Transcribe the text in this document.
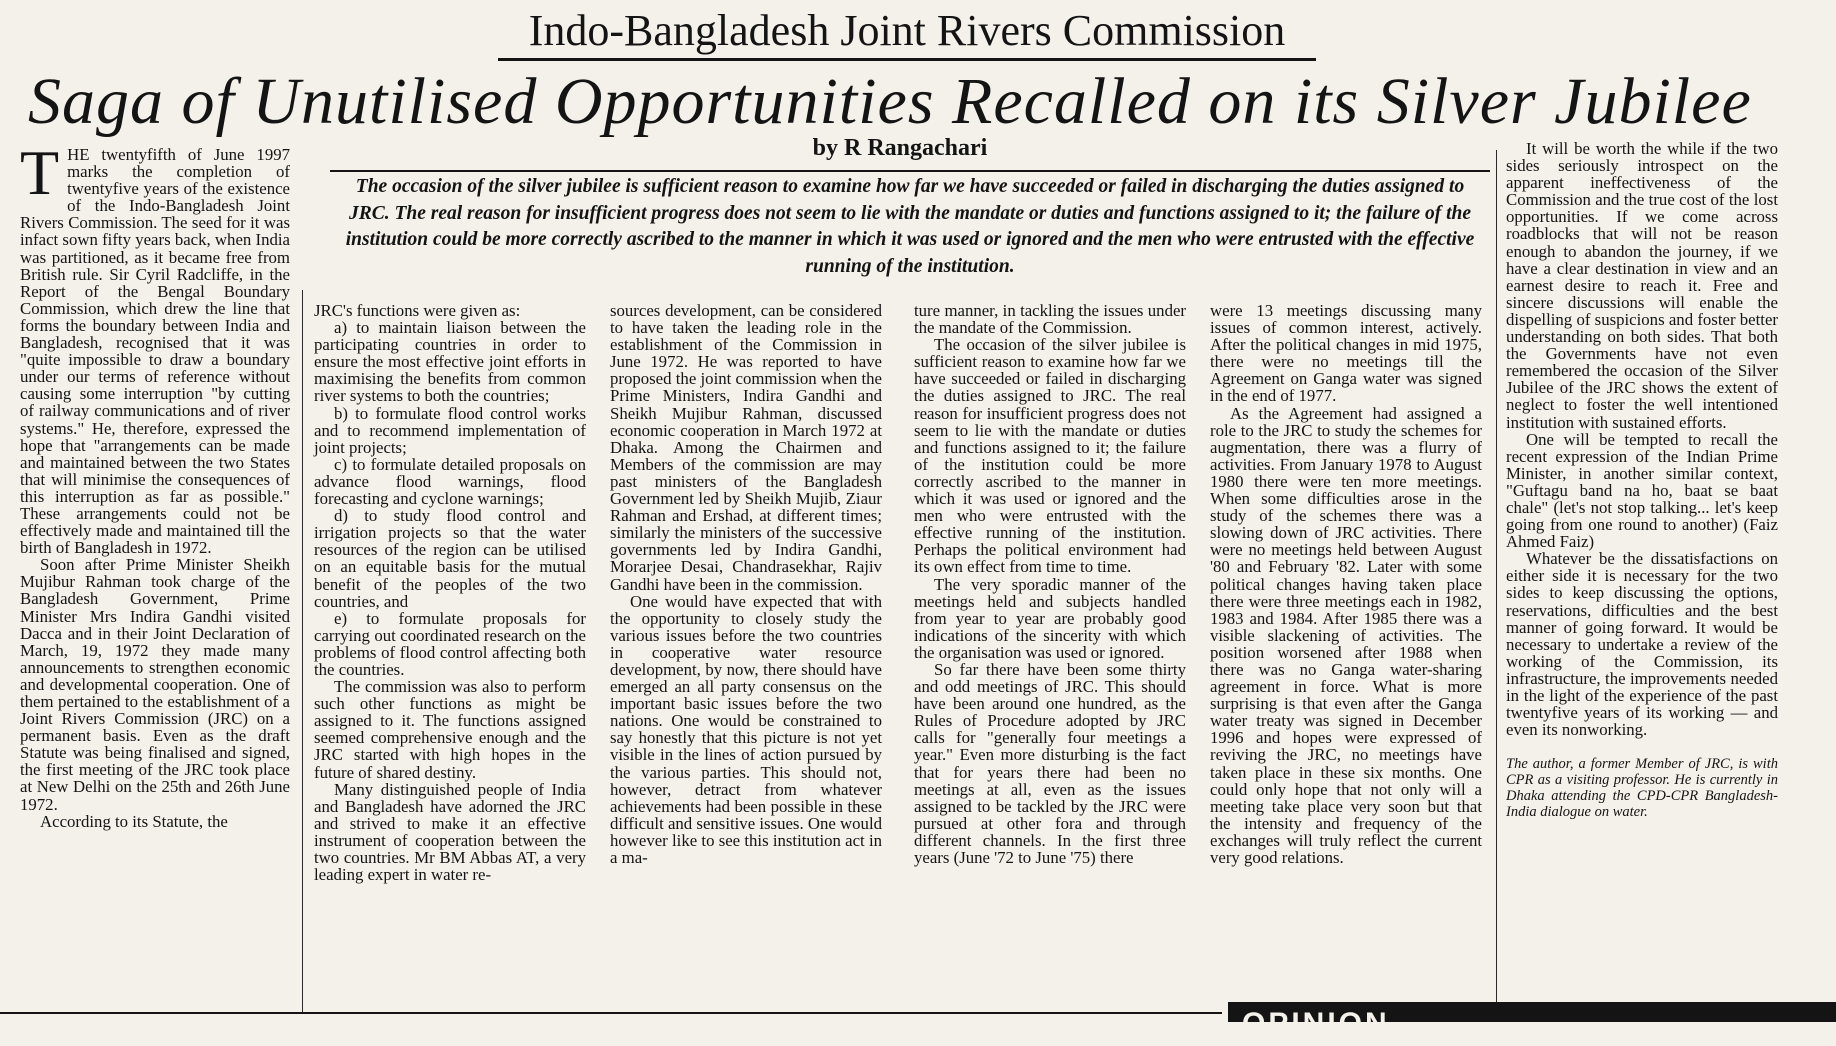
Indo-Bangladesh Joint Rivers Commission
Saga of Unutilised Opportunities Recalled on its Silver Jubilee
by R Rangachari
The occasion of the silver jubilee is sufficient reason to examine how far we have succeeded or failed in discharging the duties assigned to JRC. The real reason for insufficient progress does not seem to lie with the mandate or duties and functions assigned to it; the failure of the institution could be more correctly ascribed to the manner in which it was used or ignored and the men who were entrusted with the effective running of the institution.
T HE twentyfifth of June 1997 marks the completion of twentyfive years of the existence of the Indo-Bangladesh Joint Rivers Commission. The seed for it was infact sown fifty years back, when India was partitioned, as it became free from British rule. Sir Cyril Radcliffe, in the Report of the Bengal Boundary Commission, which drew the line that forms the boundary between India and Bangladesh, recognised that it was "quite impossible to draw a boundary under our terms of reference without causing some interruption "by cutting of railway communications and of river systems." He, therefore, expressed the hope that "arrangements can be made and maintained between the two States that will minimise the consequences of this interruption as far as possible." These arrangements could not be effectively made and maintained till the birth of Bangladesh in 1972.

Soon after Prime Minister Sheikh Mujibur Rahman took charge of the Bangladesh Government, Prime Minister Mrs Indira Gandhi visited Dacca and in their Joint Declaration of March, 19, 1972 they made many announcements to strengthen economic and developmental cooperation. One of them pertained to the establishment of a Joint Rivers Commission (JRC) on a permanent basis. Even as the draft Statute was being finalised and signed, the first meeting of the JRC took place at New Delhi on the 25th and 26th June 1972.

According to its Statute, the

JRC's functions were given as:

a) to maintain liaison between the participating countries in order to ensure the most effective joint efforts in maximising the benefits from common river systems to both the countries;

b) to formulate flood control works and to recommend implementation of joint projects;

c) to formulate detailed proposals on advance flood warnings, flood forecasting and cyclone warnings;

d) to study flood control and irrigation projects so that the water resources of the region can be utilised on an equitable basis for the mutual benefit of the peoples of the two countries, and

e) to formulate proposals for carrying out coordinated research on the problems of flood control affecting both the countries.

The commission was also to perform such other functions as might be assigned to it. The functions assigned seemed comprehensive enough and the JRC started with high hopes in the future of shared destiny.

Many distinguished people of India and Bangladesh have adorned the JRC and strived to make it an effective instrument of cooperation between the two countries. Mr BM Abbas AT, a very leading expert in water re-

sources development, can be considered to have taken the leading role in the establishment of the Commission in June 1972. He was reported to have proposed the joint commission when the Prime Ministers, Indira Gandhi and Sheikh Mujibur Rahman, discussed economic cooperation in March 1972 at Dhaka. Among the Chairmen and Members of the commission are may past ministers of the Bangladesh Government led by Sheikh Mujib, Ziaur Rahman and Ershad, at different times; similarly the ministers of the successive governments led by Indira Gandhi, Morarjee Desai, Chandrasekhar, Rajiv Gandhi have been in the commission.

One would have expected that with the opportunity to closely study the various issues before the two countries in cooperative water resource development, by now, there should have emerged an all party consensus on the important basic issues before the two nations. One would be constrained to say honestly that this picture is not yet visible in the lines of action pursued by the various parties. This should not, however, detract from whatever achievements had been possible in these difficult and sensitive issues. One would however like to see this institution act in a ma-

ture manner, in tackling the issues under the mandate of the Commission.

The occasion of the silver jubilee is sufficient reason to examine how far we have succeeded or failed in discharging the duties assigned to JRC. The real reason for insufficient progress does not seem to lie with the mandate or duties and functions assigned to it; the failure of the institution could be more correctly ascribed to the manner in which it was used or ignored and the men who were entrusted with the effective running of the institution. Perhaps the political environment had its own effect from time to time.

The very sporadic manner of the meetings held and subjects handled from year to year are probably good indications of the sincerity with which the organisation was used or ignored.

So far there have been some thirty and odd meetings of JRC. This should have been around one hundred, as the Rules of Procedure adopted by JRC calls for "generally four meetings a year." Even more disturbing is the fact that for years there had been no meetings at all, even as the issues assigned to be tackled by the JRC were pursued at other fora and through different channels. In the first three years (June '72 to June '75) there

were 13 meetings discussing many issues of common interest, actively. After the political changes in mid 1975, there were no meetings till the Agreement on Ganga water was signed in the end of 1977.

As the Agreement had assigned a role to the JRC to study the schemes for augmentation, there was a flurry of activities. From January 1978 to August 1980 there were ten more meetings. When some difficulties arose in the study of the schemes there was a slowing down of JRC activities. There were no meetings held between August '80 and February '82. Later with some political changes having taken place there were three meetings each in 1982, 1983 and 1984. After 1985 there was a visible slackening of activities. The position worsened after 1988 when there was no Ganga water-sharing agreement in force. What is more surprising is that even after the Ganga water treaty was signed in December 1996 and hopes were expressed of reviving the JRC, no meetings have taken place in these six months. One could only hope that not only will a meeting take place very soon but that the intensity and frequency of the exchanges will truly reflect the current very good relations.

It will be worth the while if the two sides seriously introspect on the apparent ineffectiveness of the Commission and the true cost of the lost opportunities. If we come across roadblocks that will not be reason enough to abandon the journey, if we have a clear destination in view and an earnest desire to reach it. Free and sincere discussions will enable the dispelling of suspicions and foster better understanding on both sides. That both the Governments have not even remembered the occasion of the Silver Jubilee of the JRC shows the extent of neglect to foster the well intentioned institution with sustained efforts.

One will be tempted to recall the recent expression of the Indian Prime Minister, in another similar context, "Guftagu band na ho, baat se baat chale" (let's not stop talking... let's keep going from one round to another) (Faiz Ahmed Faiz)

Whatever be the dissatisfactions on either side it is necessary for the two sides to keep discussing the options, reservations, difficulties and the best manner of going forward. It would be necessary to undertake a review of the working of the Commission, its infrastructure, the improvements needed in the light of the experience of the past twentyfive years of its working — and even its nonworking.

The author, a former Member of JRC, is with CPR as a visiting professor. He is currently in Dhaka attending the CPD-CPR Bangladesh-India dialogue on water.

OPINION
